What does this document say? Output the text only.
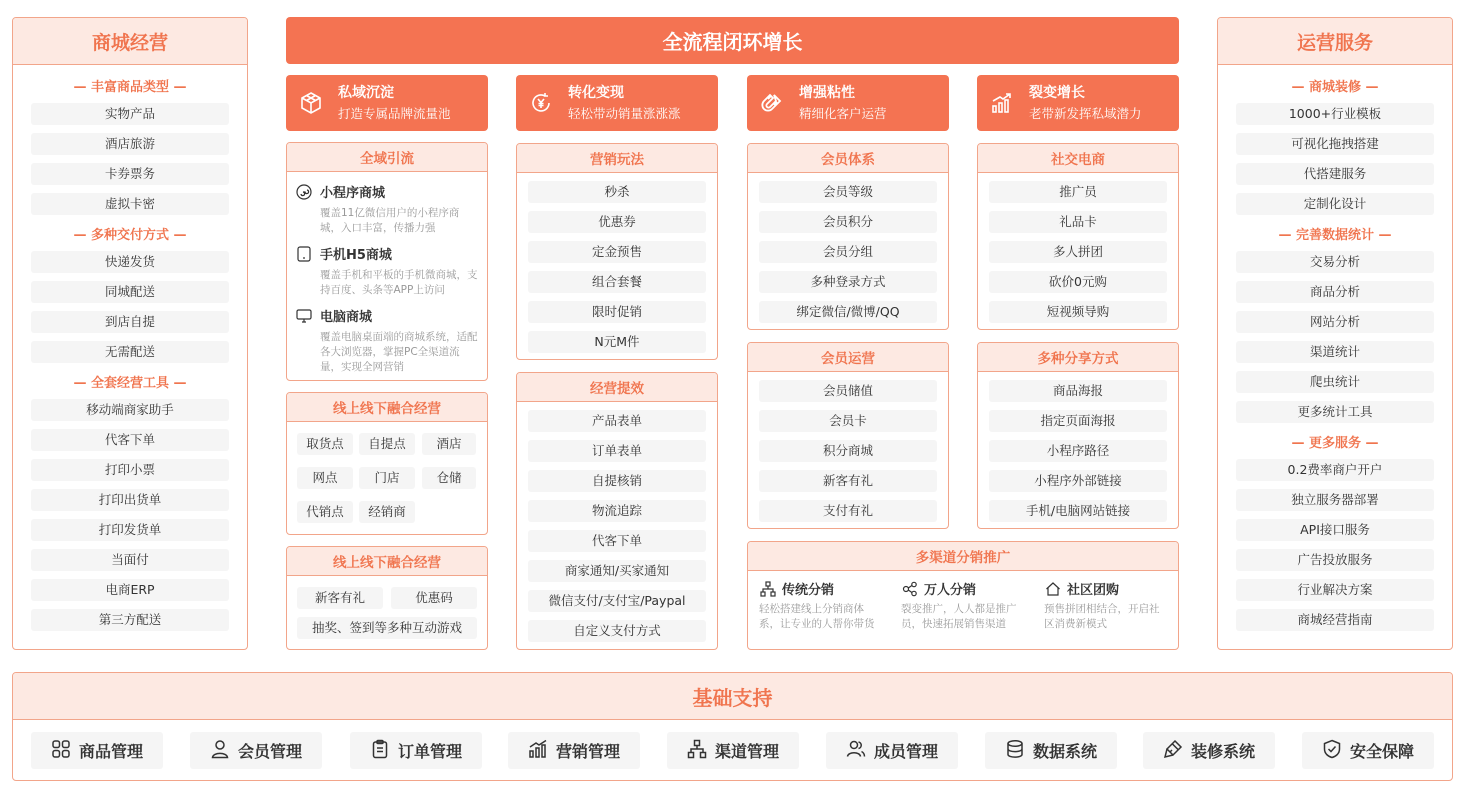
商城经营
— 丰富商品类型 —
实物产品
酒店旅游
卡券票务
虚拟卡密
— 多种交付方式 —
快递发货
同城配送
到店自提
无需配送
— 全套经营工具 —
移动端商家助手
代客下单
打印小票
打印出货单
打印发货单
当面付
电商ERP
第三方配送
运营服务
— 商城装修 —
1000+行业模板
可视化拖拽搭建
代搭建服务
定制化设计
— 完善数据统计 —
交易分析
商品分析
网站分析
渠道统计
爬虫统计
更多统计工具
— 更多服务 —
0.2费率商户开户
独立服务器部署
API接口服务
广告投放服务
行业解决方案
商城经营指南
全流程闭环增长
私域沉淀
打造专属品牌流量池
转化变现
轻松带动销量涨涨涨
增强粘性
精细化客户运营
裂变增长
老带新发挥私域潜力
全域引流
小程序商城
覆盖11亿微信用户的小程序商城，入口丰富，传播力强
手机H5商城
覆盖手机和平板的手机微商城，支持百度、头条等APP上访问
电脑商城
覆盖电脑桌面端的商城系统，适配各大浏览器，掌握PC全渠道流量，实现全网营销
线上线下融合经营
取货点	自提点	酒店
网点	门店	仓储
代销点	经销商
线上线下融合经营
新客有礼	优惠码
抽奖、签到等多种互动游戏
营销玩法
秒杀
优惠券
定金预售
组合套餐
限时促销
N元M件
经营提效
产品表单
订单表单
自提核销
物流追踪
代客下单
商家通知/买家通知
微信支付/支付宝/Paypal
自定义支付方式
会员体系
会员等级
会员积分
会员分组
多种登录方式
绑定微信/微博/QQ
会员运营
会员储值
会员卡
积分商城
新客有礼
支付有礼
社交电商
推广员
礼品卡
多人拼团
砍价0元购
短视频导购
多种分享方式
商品海报
指定页面海报
小程序路径
小程序外部链接
手机/电脑网站链接
多渠道分销推广
传统分销
轻松搭建线上分销商体系，让专业的人帮你带货
万人分销
裂变推广，人人都是推广员，快速拓展销售渠道
社区团购
预售拼团相结合，开启社区消费新模式
基础支持
商品管理	会员管理	订单管理	营销管理	渠道管理	成员管理	数据系统	装修系统	安全保障
